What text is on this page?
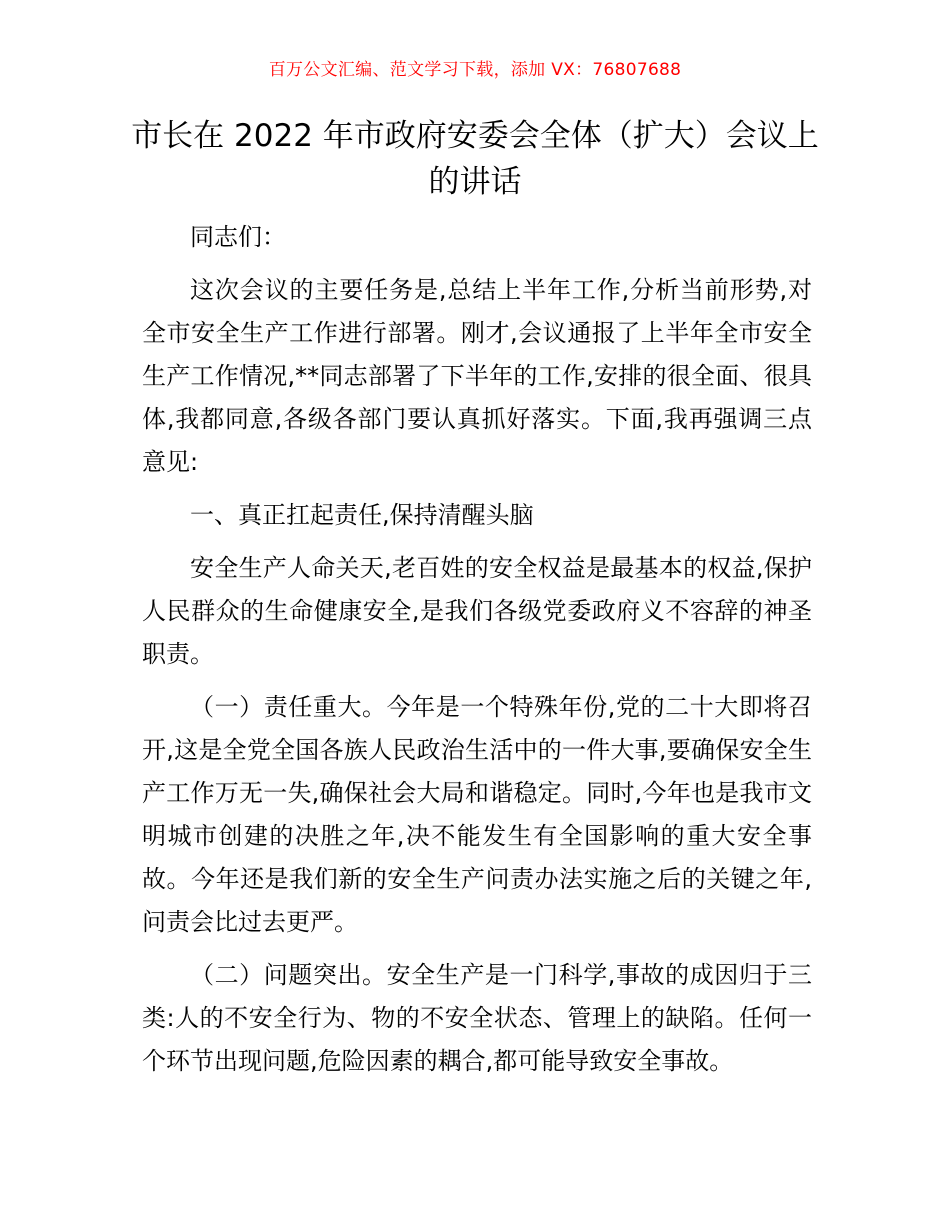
百万公文汇编、范文学习下载，添加 VX：76807688
市长在 2022 年市政府安委会全体（扩大）会议上的讲话

同志们：

这次会议的主要任务是,总结上半年工作,分析当前形势,对全市安全生产工作进行部署。刚才,会议通报了上半年全市安全生产工作情况,**同志部署了下半年的工作,安排的很全面、很具体,我都同意,各级各部门要认真抓好落实。下面,我再强调三点意见:

一、真正扛起责任,保持清醒头脑

安全生产人命关天,老百姓的安全权益是最基本的权益,保护人民群众的生命健康安全,是我们各级党委政府义不容辞的神圣职责。

（一）责任重大。今年是一个特殊年份,党的二十大即将召开,这是全党全国各族人民政治生活中的一件大事,要确保安全生产工作万无一失,确保社会大局和谐稳定。同时,今年也是我市文明城市创建的决胜之年,决不能发生有全国影响的重大安全事故。今年还是我们新的安全生产问责办法实施之后的关键之年,问责会比过去更严。

（二）问题突出。安全生产是一门科学,事故的成因归于三类:人的不安全行为、物的不安全状态、管理上的缺陷。任何一个环节出现问题,危险因素的耦合,都可能导致安全事故。
